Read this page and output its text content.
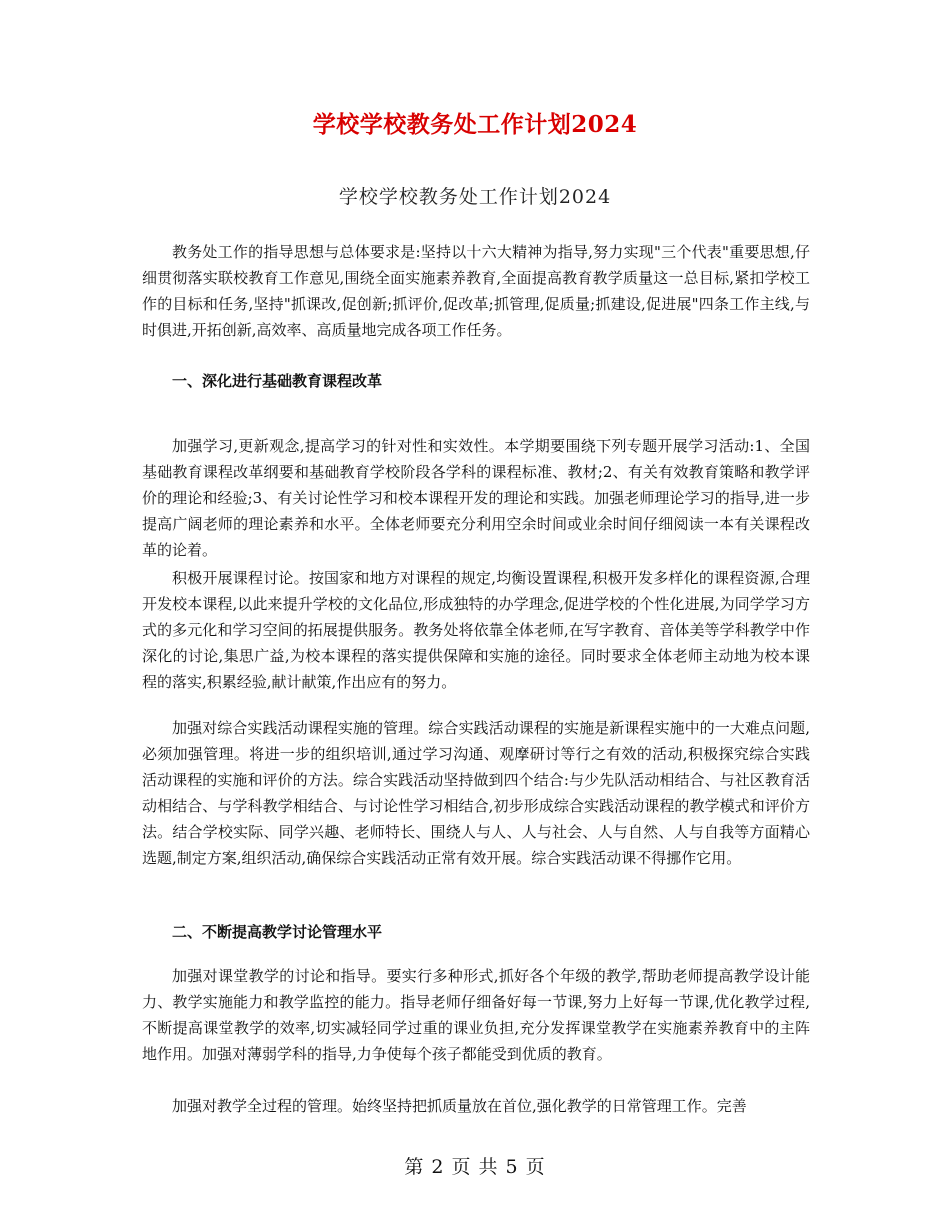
学校学校教务处工作计划2024
学校学校教务处工作计划2024

教务处工作的指导思想与总体要求是:坚持以十六大精神为指导,努力实现"三个代表"重要思想,仔细贯彻落实联校教育工作意见,围绕全面实施素养教育,全面提高教育教学质量这一总目标,紧扣学校工作的目标和任务,坚持"抓课改,促创新;抓评价,促改革;抓管理,促质量;抓建设,促进展"四条工作主线,与时俱进,开拓创新,高效率、高质量地完成各项工作任务。

一、深化进行基础教育课程改革

加强学习,更新观念,提高学习的针对性和实效性。本学期要围绕下列专题开展学习活动:1、全国基础教育课程改革纲要和基础教育学校阶段各学科的课程标准、教材;2、有关有效教育策略和教学评价的理论和经验;3、有关讨论性学习和校本课程开发的理论和实践。加强老师理论学习的指导,进一步提高广阔老师的理论素养和水平。全体老师要充分利用空余时间或业余时间仔细阅读一本有关课程改革的论着。

积极开展课程讨论。按国家和地方对课程的规定,均衡设置课程,积极开发多样化的课程资源,合理开发校本课程,以此来提升学校的文化品位,形成独特的办学理念,促进学校的个性化进展,为同学学习方式的多元化和学习空间的拓展提供服务。教务处将依靠全体老师,在写字教育、音体美等学科教学中作深化的讨论,集思广益,为校本课程的落实提供保障和实施的途径。同时要求全体老师主动地为校本课程的落实,积累经验,献计献策,作出应有的努力。

加强对综合实践活动课程实施的管理。综合实践活动课程的实施是新课程实施中的一大难点问题,必须加强管理。将进一步的组织培训,通过学习沟通、观摩研讨等行之有效的活动,积极探究综合实践活动课程的实施和评价的方法。综合实践活动坚持做到四个结合:与少先队活动相结合、与社区教育活动相结合、与学科教学相结合、与讨论性学习相结合,初步形成综合实践活动课程的教学模式和评价方法。结合学校实际、同学兴趣、老师特长、围绕人与人、人与社会、人与自然、人与自我等方面精心选题,制定方案,组织活动,确保综合实践活动正常有效开展。综合实践活动课不得挪作它用。

二、不断提高教学讨论管理水平

加强对课堂教学的讨论和指导。要实行多种形式,抓好各个年级的教学,帮助老师提高教学设计能力、教学实施能力和教学监控的能力。指导老师仔细备好每一节课,努力上好每一节课,优化教学过程,不断提高课堂教学的效率,切实减轻同学过重的课业负担,充分发挥课堂教学在实施素养教育中的主阵地作用。加强对薄弱学科的指导,力争使每个孩子都能受到优质的教育。

加强对教学全过程的管理。始终坚持把抓质量放在首位,强化教学的日常管理工作。完善

第 2 页 共 5 页
